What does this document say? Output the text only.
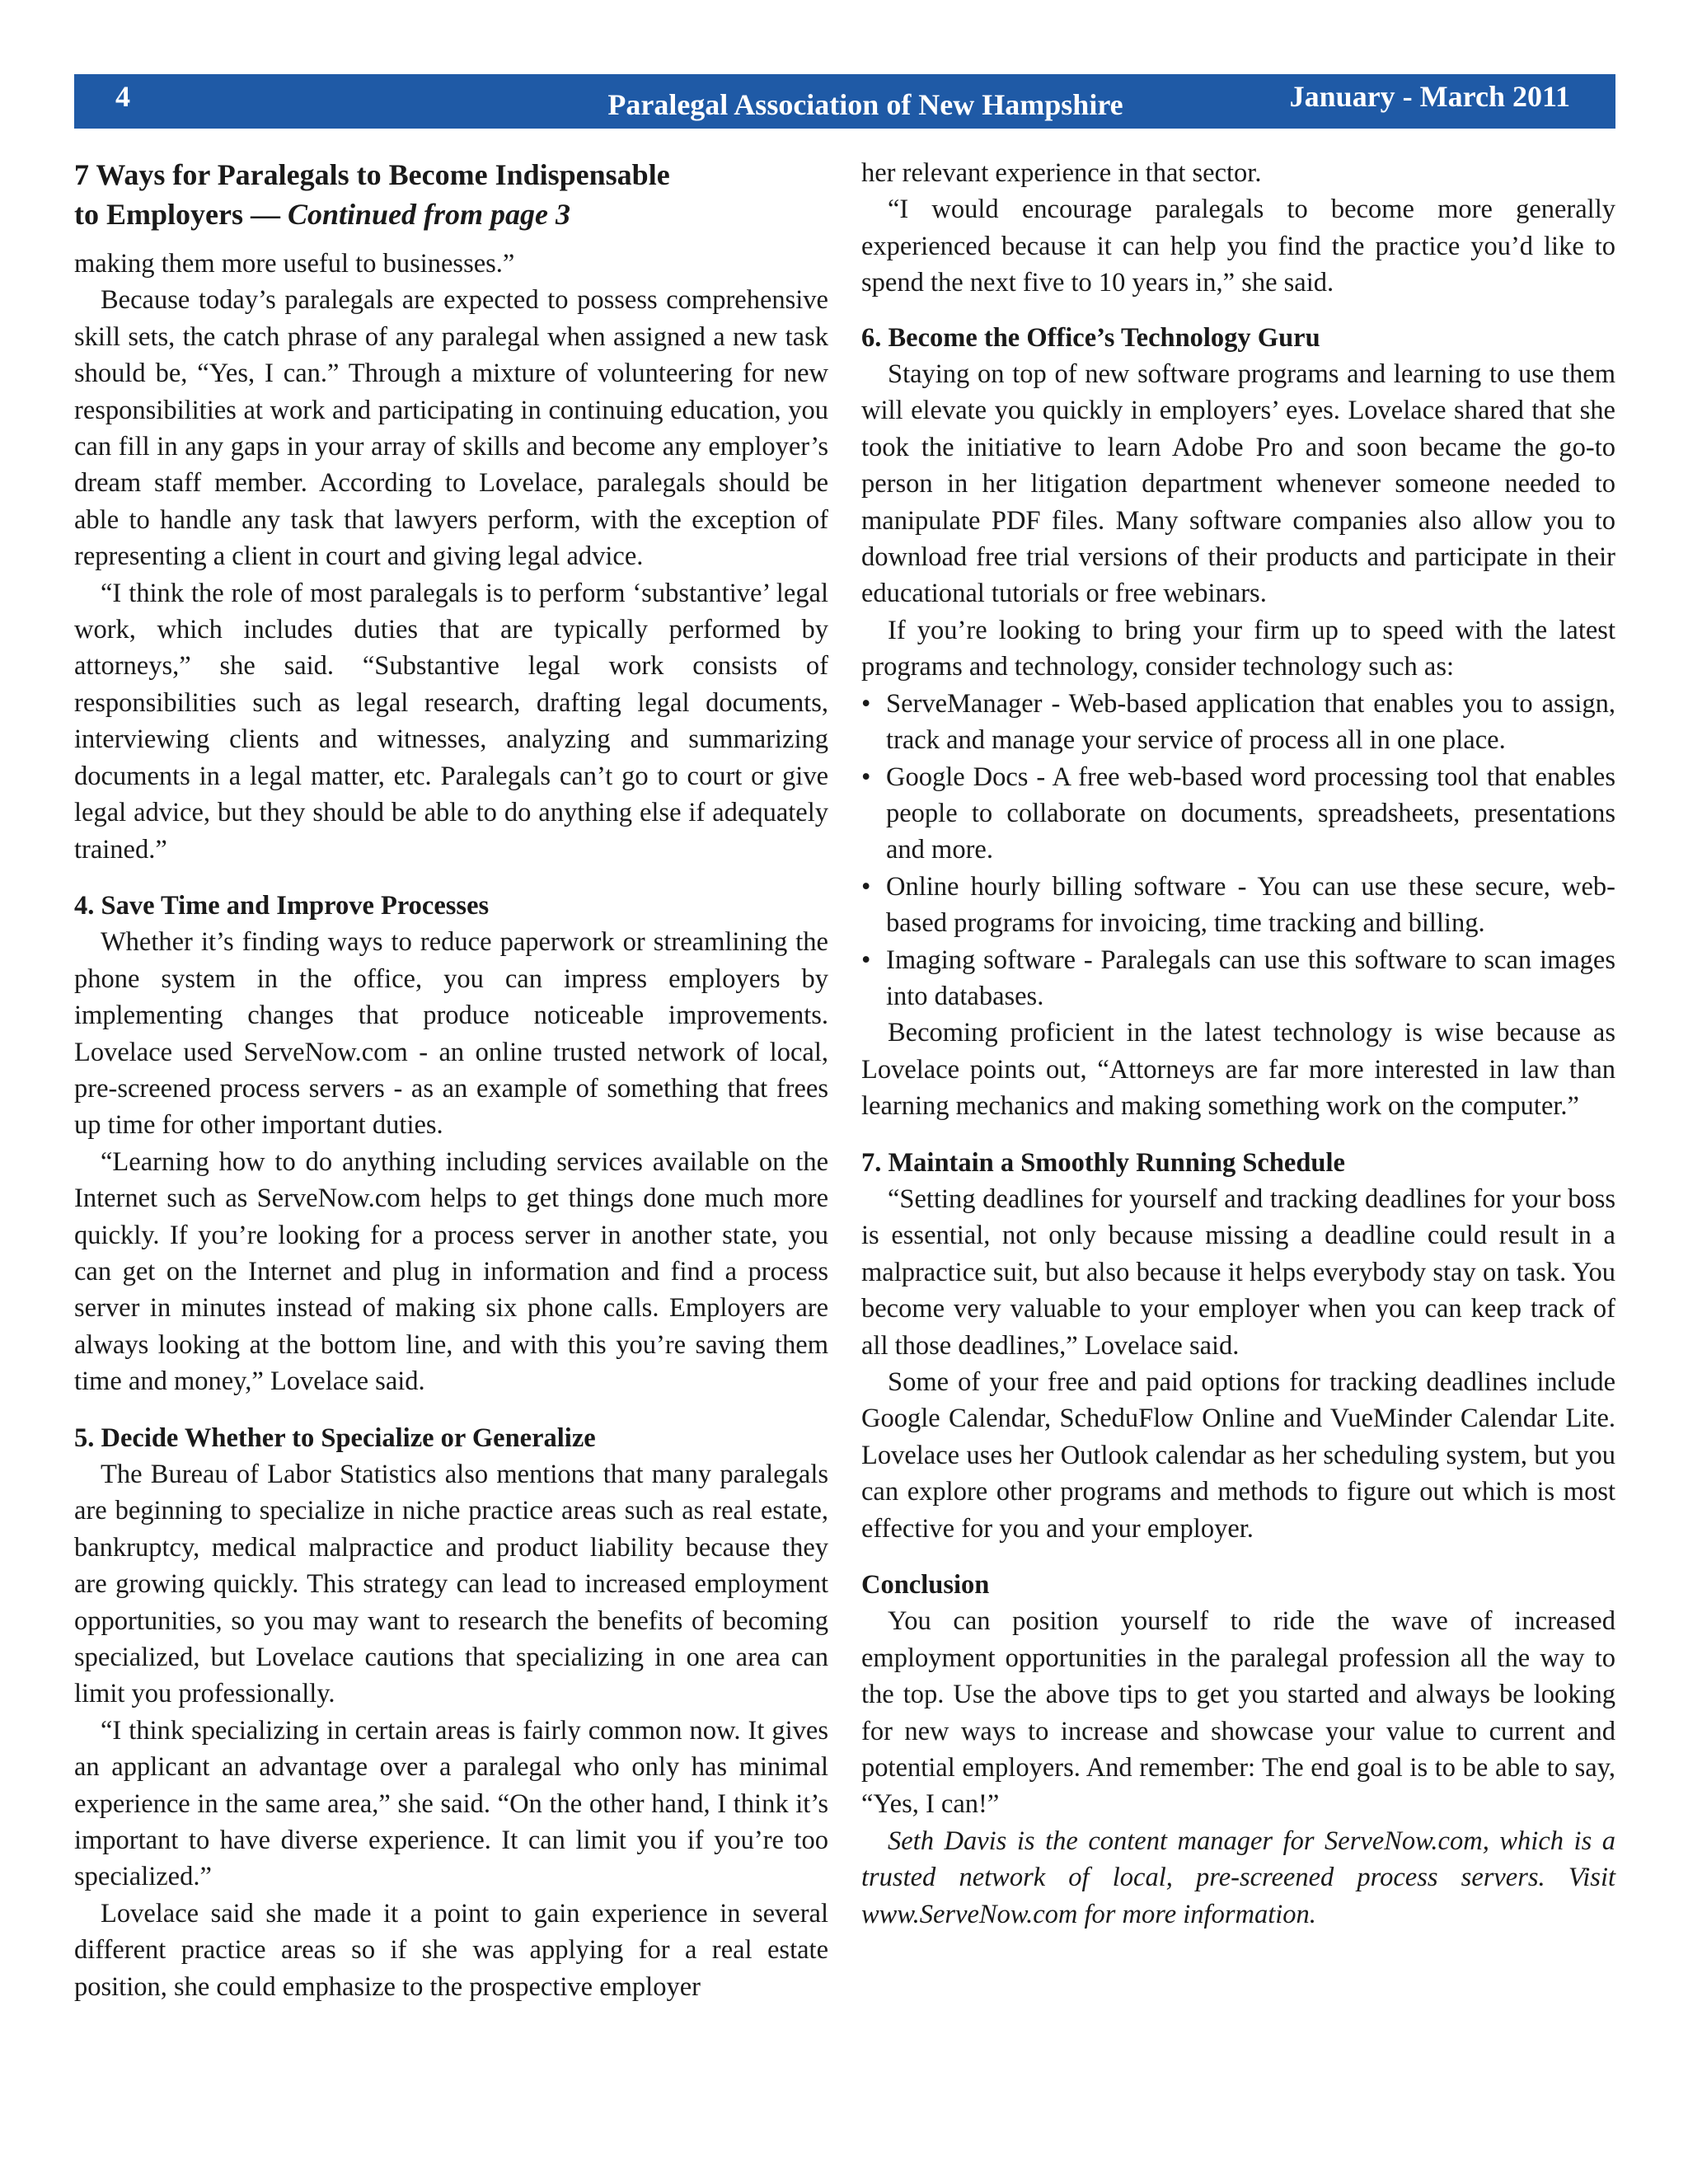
4	Paralegal Association of New Hampshire	January - March 2011
7 Ways for Paralegals to Become Indispensable
to Employers — Continued from page 3

making them more useful to businesses.”

Because today’s paralegals are expected to possess comprehensive skill sets, the catch phrase of any paralegal when assigned a new task should be, “Yes, I can.” Through a mixture of volunteering for new responsibilities at work and participating in continuing education, you can fill in any gaps in your array of skills and become any employer’s dream staff member. According to Lovelace, paralegals should be able to handle any task that lawyers perform, with the exception of representing a client in court and giving legal advice.

“I think the role of most paralegals is to perform ‘substantive’ legal work, which includes duties that are typically performed by attorneys,” she said. “Substantive legal work consists of responsibilities such as legal research, drafting legal documents, interviewing clients and witnesses, analyzing and summarizing documents in a legal matter, etc. Paralegals can’t go to court or give legal advice, but they should be able to do anything else if adequately trained.”

4. Save Time and Improve Processes

Whether it’s finding ways to reduce paperwork or streamlining the phone system in the office, you can impress employers by implementing changes that produce noticeable improvements. Lovelace used ServeNow.com - an online trusted network of local, pre-screened process servers - as an example of something that frees up time for other important duties.

“Learning how to do anything including services available on the Internet such as ServeNow.com helps to get things done much more quickly. If you’re looking for a process server in another state, you can get on the Internet and plug in information and find a process server in minutes instead of making six phone calls. Employers are always looking at the bottom line, and with this you’re saving them time and money,” Lovelace said.

5. Decide Whether to Specialize or Generalize

The Bureau of Labor Statistics also mentions that many paralegals are beginning to specialize in niche practice areas such as real estate, bankruptcy, medical malpractice and product liability because they are growing quickly. This strategy can lead to increased employment opportunities, so you may want to research the benefits of becoming specialized, but Lovelace cautions that specializing in one area can limit you professionally.

“I think specializing in certain areas is fairly common now. It gives an applicant an advantage over a paralegal who only has minimal experience in the same area,” she said. “On the other hand, I think it’s important to have diverse experience. It can limit you if you’re too specialized.”

Lovelace said she made it a point to gain experience in several different practice areas so if she was applying for a real estate position, she could emphasize to the prospective employer

her relevant experience in that sector.

“I would encourage paralegals to become more generally experienced because it can help you find the practice you’d like to spend the next five to 10 years in,” she said.

6. Become the Office’s Technology Guru

Staying on top of new software programs and learning to use them will elevate you quickly in employers’ eyes. Lovelace shared that she took the initiative to learn Adobe Pro and soon became the go-to person in her litigation department whenever someone needed to manipulate PDF files. Many software companies also allow you to download free trial versions of their products and participate in their educational tutorials or free webinars.

If you’re looking to bring your firm up to speed with the latest programs and technology, consider technology such as:

• ServeManager - Web-based application that enables you to assign, track and manage your service of process all in one place.
• Google Docs - A free web-based word processing tool that enables people to collaborate on documents, spreadsheets, presentations and more.
• Online hourly billing software - You can use these secure, web-based programs for invoicing, time tracking and billing.
• Imaging software - Paralegals can use this software to scan images into databases.

Becoming proficient in the latest technology is wise because as Lovelace points out, “Attorneys are far more interested in law than learning mechanics and making something work on the computer.”

7. Maintain a Smoothly Running Schedule

“Setting deadlines for yourself and tracking deadlines for your boss is essential, not only because missing a deadline could result in a malpractice suit, but also because it helps everybody stay on task. You become very valuable to your employer when you can keep track of all those deadlines,” Lovelace said.

Some of your free and paid options for tracking deadlines include Google Calendar, ScheduFlow Online and VueMinder Calendar Lite. Lovelace uses her Outlook calendar as her scheduling system, but you can explore other programs and methods to figure out which is most effective for you and your employer.

Conclusion

You can position yourself to ride the wave of increased employment opportunities in the paralegal profession all the way to the top. Use the above tips to get you started and always be looking for new ways to increase and showcase your value to current and potential employers. And remember: The end goal is to be able to say, “Yes, I can!”

Seth Davis is the content manager for ServeNow.com, which is a trusted network of local, pre-screened process servers. Visit www.ServeNow.com for more information.
